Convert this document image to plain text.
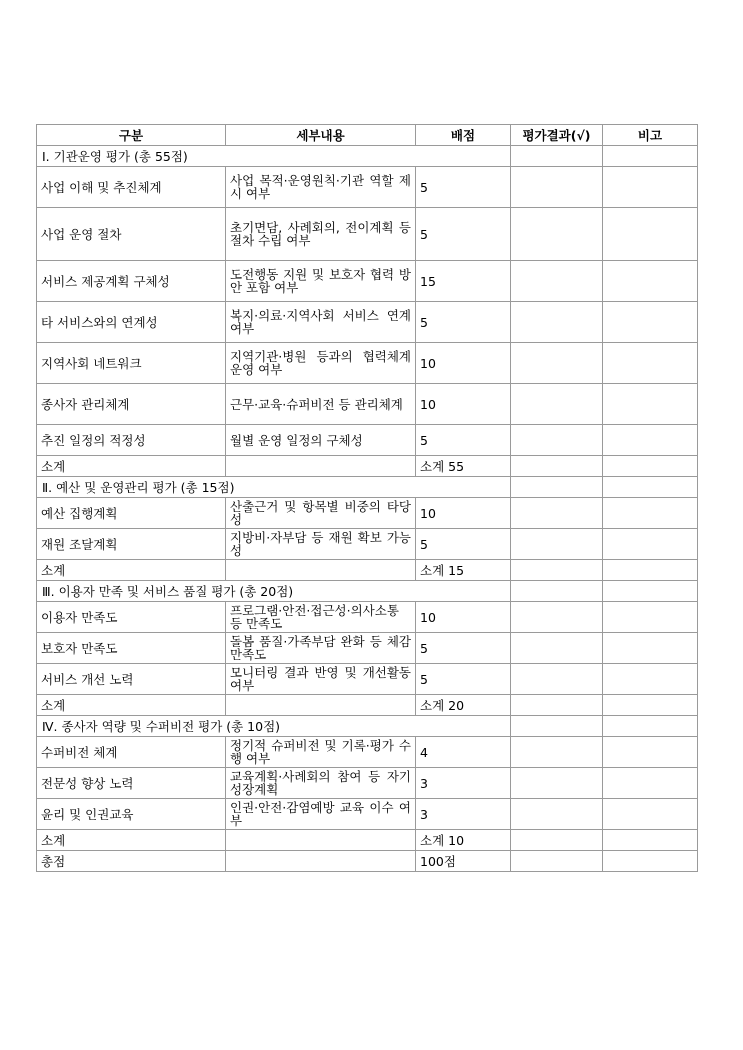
구분	세부내용	배점	평가결과(√)	비고
Ⅰ. 기관운영 평가 (총 55점)				
사업 이해 및 추진체계	사업 목적·운영원칙·기관 역할 제시 여부	5		
사업 운영 절차	초기면담, 사례회의, 전이계획 등 절차 수립 여부	5		
서비스 제공계획 구체성	도전행동 지원 및 보호자 협력 방안 포함 여부	15		
타 서비스와의 연계성	복지·의료·지역사회 서비스 연계 여부	5		
지역사회 네트워크	지역기관·병원 등과의 협력체계 운영 여부	10		
종사자 관리체계	근무·교육·슈퍼비전 등 관리체계	10		
추진 일정의 적정성	월별 운영 일정의 구체성	5		
소계		소계 55		
Ⅱ. 예산 및 운영관리 평가 (총 15점)				
예산 집행계획	산출근거 및 항목별 비중의 타당성	10		
재원 조달계획	지방비·자부담 등 재원 확보 가능성	5		
소계		소계 15		
Ⅲ. 이용자 만족 및 서비스 품질 평가 (총 20점)				
이용자 만족도	프로그램·안전·접근성·의사소통 등 만족도	10		
보호자 만족도	돌봄 품질·가족부담 완화 등 체감 만족도	5		
서비스 개선 노력	모니터링 결과 반영 및 개선활동 여부	5		
소계		소계 20		
Ⅳ. 종사자 역량 및 수퍼비전 평가 (총 10점)				
수퍼비전 체계	정기적 슈퍼비전 및 기록·평가 수행 여부	4		
전문성 향상 노력	교육계획·사례회의 참여 등 자기성장계획	3		
윤리 및 인권교육	인권·안전·감염예방 교육 이수 여부	3		
소계		소계 10		
총점		100점		
